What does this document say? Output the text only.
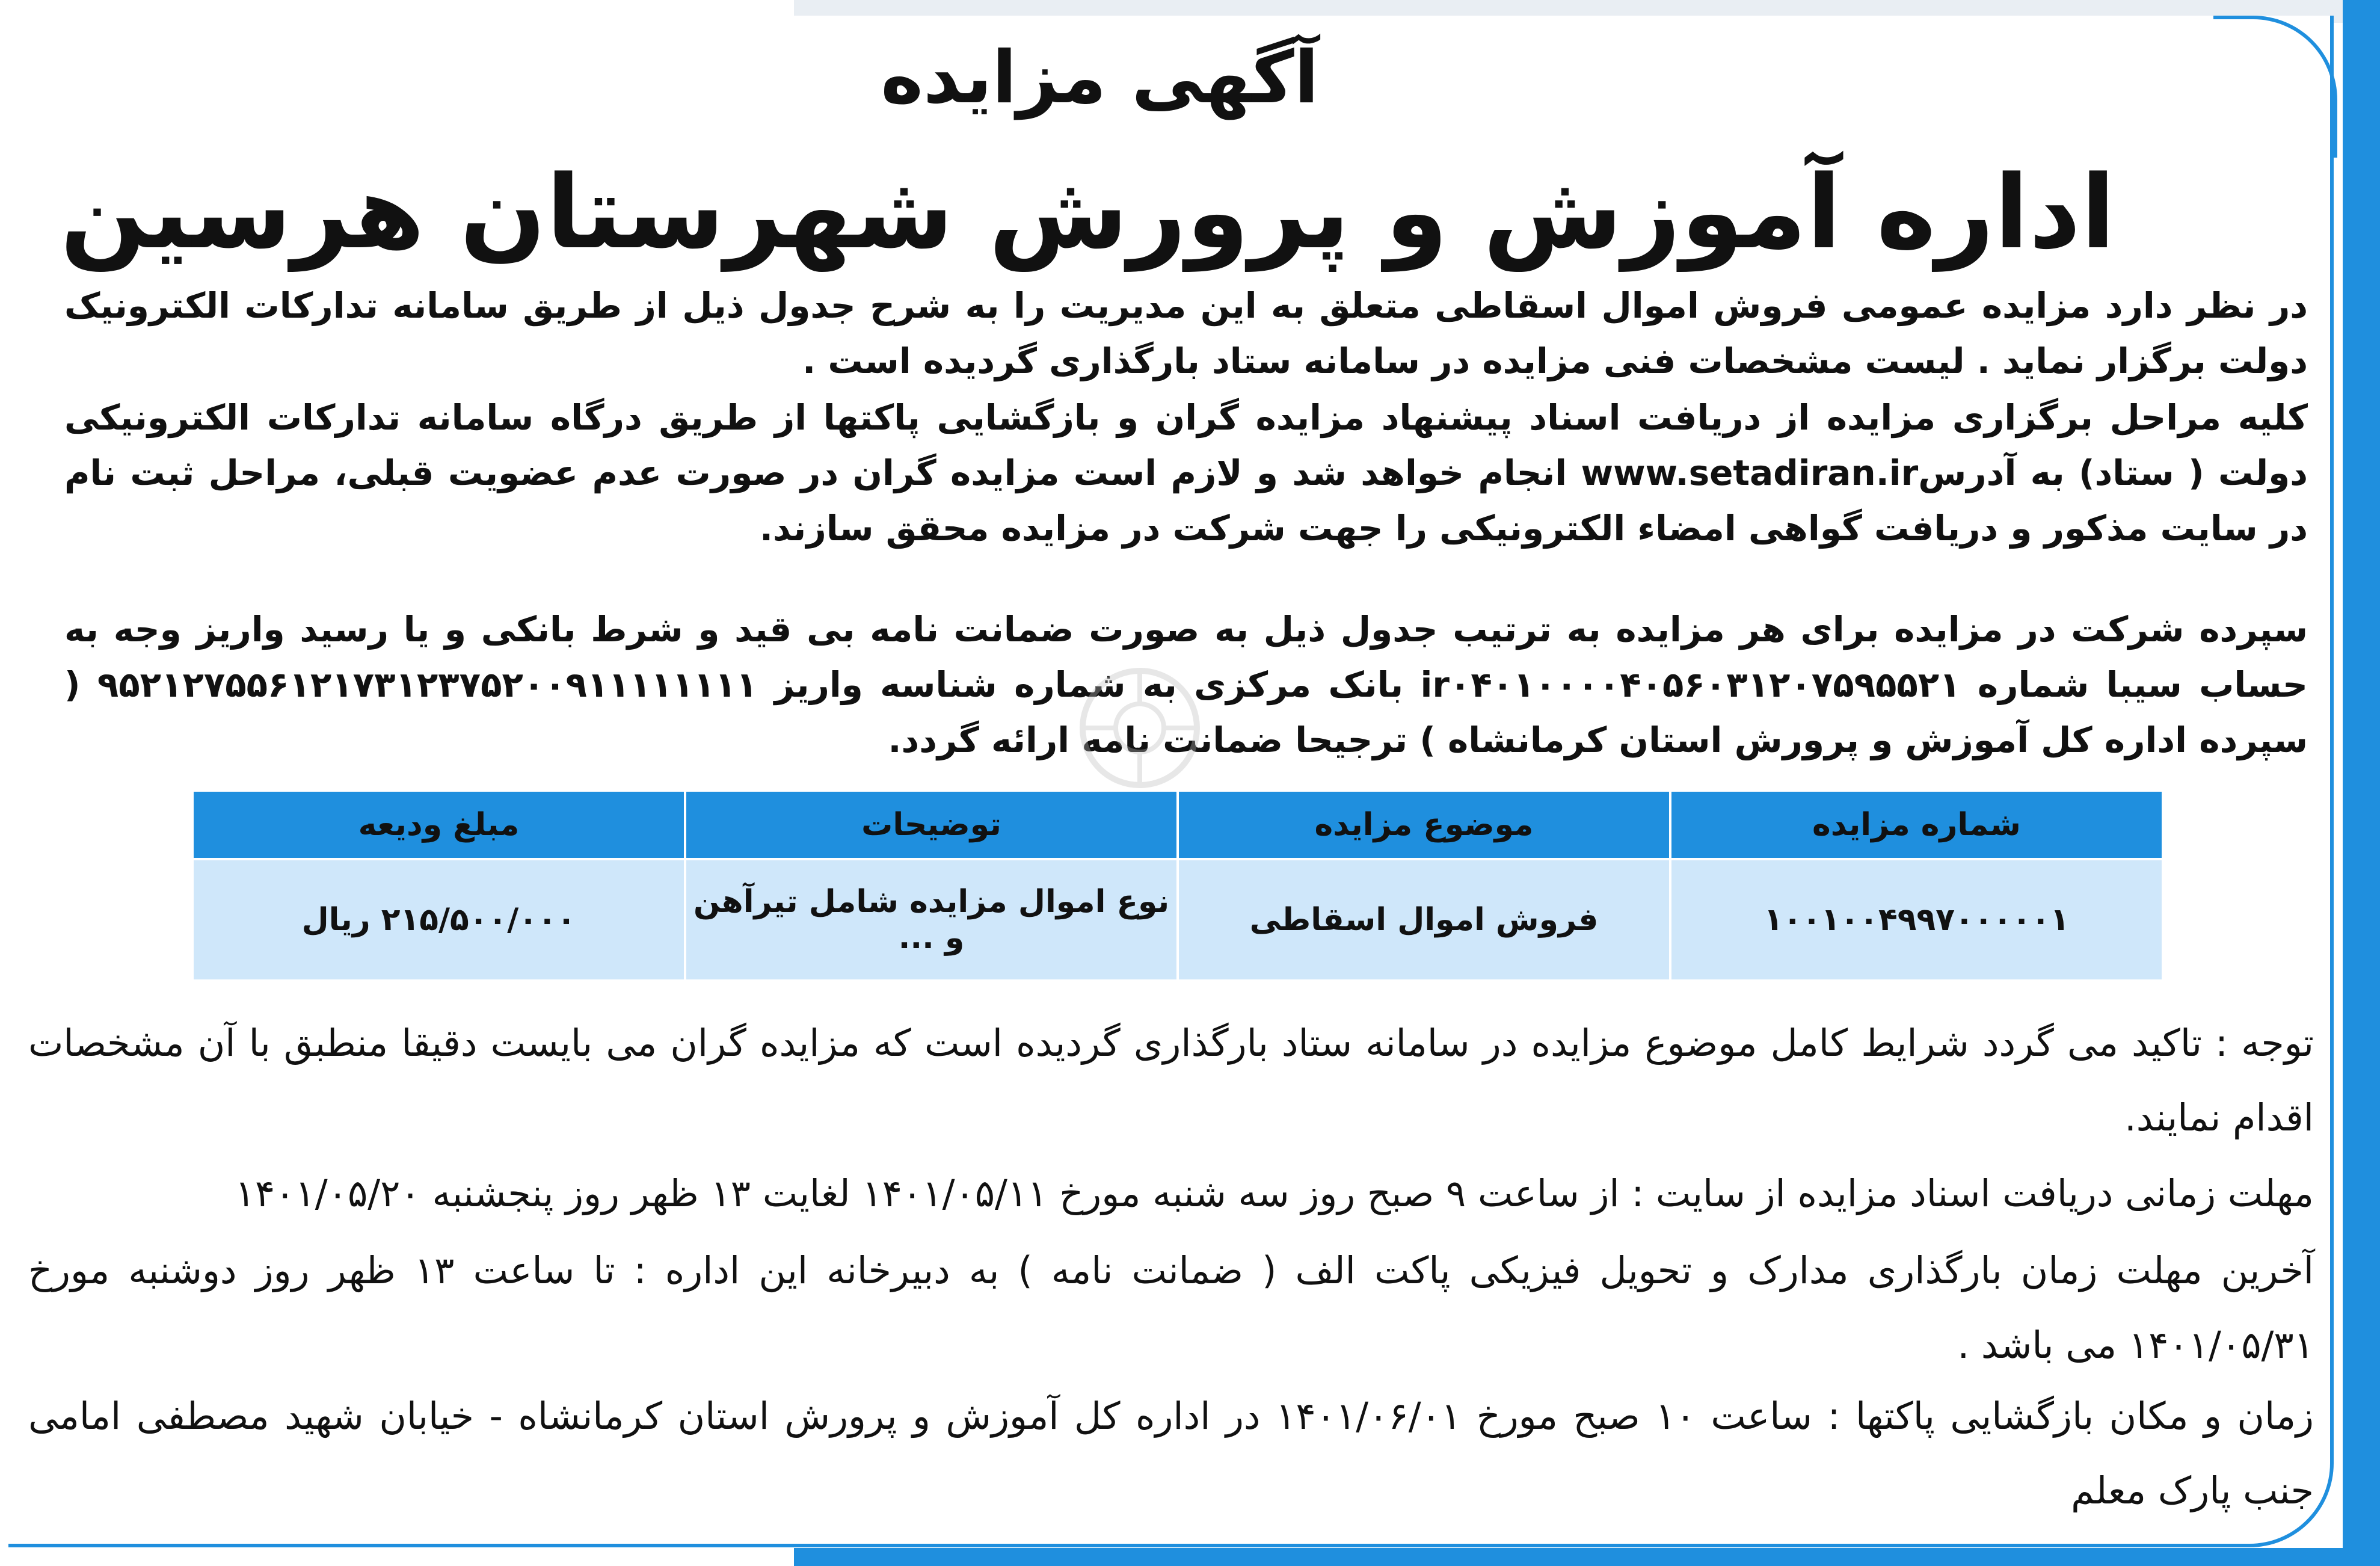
آگهی مزایده
اداره آموزش و پرورش شهرستان هرسین
در نظر دارد مزایده عمومی فروش اموال اسقاطی متعلق به این مدیریت را به شرح جدول ذیل از طریق سامانه تدارکات الکترونیک دولت برگزار نماید . لیست مشخصات فنی مزایده در سامانه ستاد بارگذاری گردیده است .
کلیه مراحل برگزاری مزایده از دریافت اسناد پیشنهاد مزایده گران و بازگشایی پاکتها از طریق درگاه سامانه تدارکات الکترونیکی دولت ( ستاد) به آدرسwww.setadiran.ir انجام خواهد شد و لازم است مزایده گران در صورت عدم عضویت قبلی، مراحل ثبت نام در سایت مذکور و دریافت گواهی امضاء الکترونیکی را جهت شرکت در مزایده محقق سازند.
سپرده شرکت در مزایده برای هر مزایده به ترتیب جدول ذیل به صورت ضمانت نامه بی قید و شرط بانکی و یا رسید واریز وجه به حساب سیبا شماره ir۰۴۰۱۰۰۰۰۴۰۵۶۰۳۱۲۰۷۵۹۵۵۲۱ بانک مرکزی به شماره شناسه واریز ۹۵۲۱۲۷۵۵۶۱۲۱۷۳۱۲۳۷۵۲۰۰۹۱۱۱۱۱۱۱۱ ( سپرده اداره کل آموزش و پرورش استان کرمانشاه ) ترجیحا ضمانت نامه ارائه گردد.
شماره مزایده	موضوع مزایده	توضیحات	مبلغ ودیعه
۱۰۰۱۰۰۴۹۹۷۰۰۰۰۰۱	فروش اموال اسقاطی	نوع اموال مزایده شامل تیرآهن و ...	۲۱۵/۵۰۰/۰۰۰ ریال
توجه : تاکید می گردد شرایط کامل موضوع مزایده در سامانه ستاد بارگذاری گردیده است که مزایده گران می بایست دقیقا منطبق با آن مشخصات اقدام نمایند.
مهلت زمانی دریافت اسناد مزایده از سایت : از ساعت ۹ صبح روز سه شنبه مورخ ۱۴۰۱/۰۵/۱۱ لغایت ۱۳ ظهر روز پنجشنبه ۱۴۰۱/۰۵/۲۰
آخرین مهلت زمان بارگذاری مدارک و تحویل فیزیکی پاکت الف ( ضمانت نامه ) به دبیرخانه این اداره : تا ساعت ۱۳ ظهر روز دوشنبه مورخ ۱۴۰۱/۰۵/۳۱ می باشد .
زمان و مکان بازگشایی پاکتها : ساعت ۱۰ صبح مورخ ۱۴۰۱/۰۶/۰۱ در اداره کل آموزش و پرورش استان کرمانشاه - خیابان شهید مصطفی امامی جنب پارک معلم
